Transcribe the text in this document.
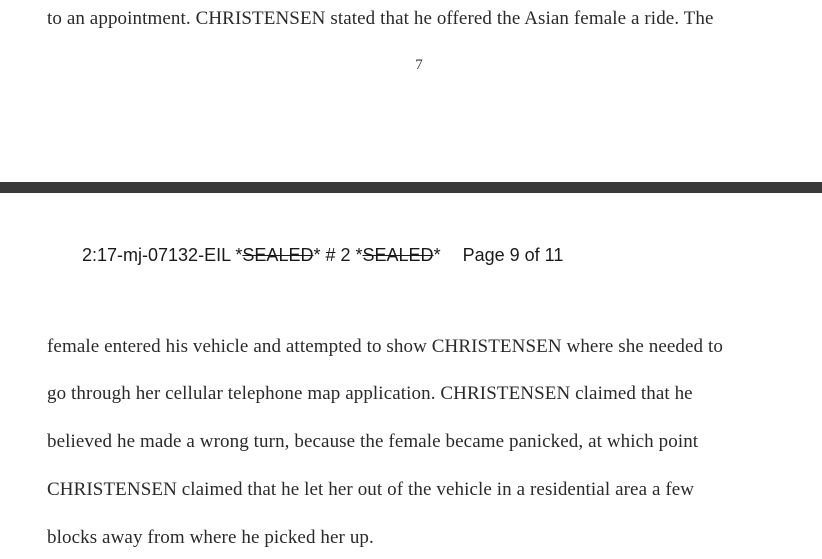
to an appointment. CHRISTENSEN stated that he offered the Asian female a ride. The
7
2:17-mj-07132-EIL *SEALED* # 2 *SEALED* Page 9 of 11
female entered his vehicle and attempted to show CHRISTENSEN where she needed to
go through her cellular telephone map application. CHRISTENSEN claimed that he
believed he made a wrong turn, because the female became panicked, at which point
CHRISTENSEN claimed that he let her out of the vehicle in a residential area a few
blocks away from where he picked her up.
